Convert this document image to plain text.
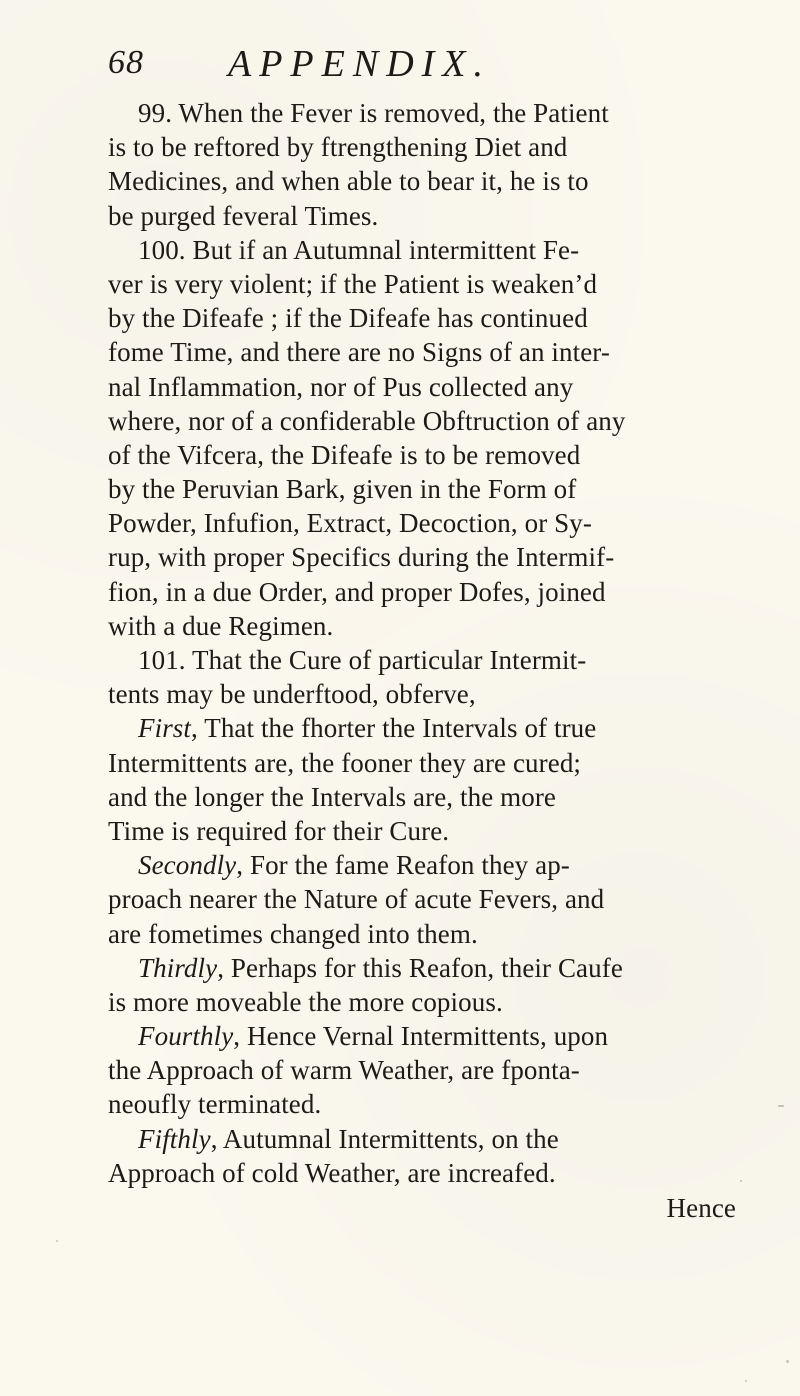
68 APPENDIX.
99. When the Fever is removed, the Patient
is to be reftored by ftrengthening Diet and
Medicines, and when able to bear it, he is to
be purged feveral Times.
100. But if an Autumnal intermittent Fe-
ver is very violent; if the Patient is weaken’d
by the Difeafe ; if the Difeafe has continued
fome Time, and there are no Signs of an inter-
nal Inflammation, nor of Pus collected any
where, nor of a confiderable Obftruction of any
of the Vifcera, the Difeafe is to be removed
by the Peruvian Bark, given in the Form of
Powder, Infufion, Extract, Decoction, or Sy-
rup, with proper Specifics during the Intermif-
fion, in a due Order, and proper Dofes, joined
with a due Regimen.
101. That the Cure of particular Intermit-
tents may be underftood, obferve,
First, That the fhorter the Intervals of true
Intermittents are, the fooner they are cured;
and the longer the Intervals are, the more
Time is required for their Cure.
Secondly, For the fame Reafon they ap-
proach nearer the Nature of acute Fevers, and
are fometimes changed into them.
Thirdly, Perhaps for this Reafon, their Caufe
is more moveable the more copious.
Fourthly, Hence Vernal Intermittents, upon
the Approach of warm Weather, are fponta-
neoufly terminated.
Fifthly, Autumnal Intermittents, on the
Approach of cold Weather, are increafed.
Hence
